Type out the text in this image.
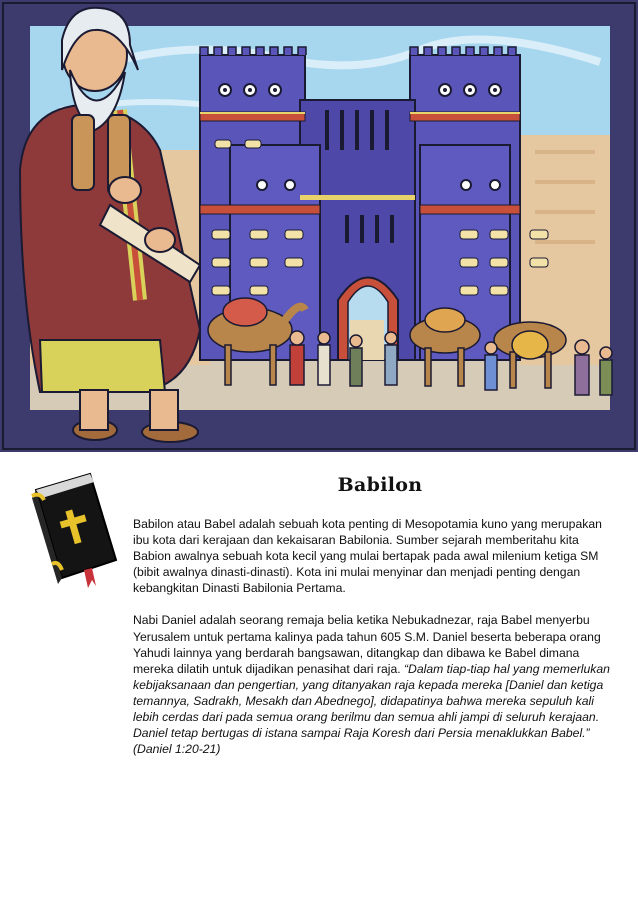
Babilon

Babilon atau Babel adalah sebuah kota penting di Mesopotamia kuno yang merupakan ibu kota dari kerajaan dan kekaisaran Babilonia. Sumber sejarah memberitahu kita Babion awalnya sebuah kota kecil yang mulai bertapak pada awal milenium ketiga SM (bibit awalnya dinasti-dinasti). Kota ini mulai menyinar dan menjadi penting dengan kebangkitan Dinasti Babilonia Pertama.

Nabi Daniel adalah seorang remaja belia ketika Nebukadnezar, raja Babel menyerbu Yerusalem untuk pertama kalinya pada tahun 605 S.M. Daniel beserta beberapa orang Yahudi lainnya yang berdarah bangsawan, ditangkap dan dibawa ke Babel dimana mereka dilatih untuk dijadikan penasihat dari raja. “Dalam tiap-tiap hal yang memerlukan kebijaksanaan dan pengertian, yang ditanyakan raja kepada mereka [Daniel dan ketiga temannya, Sadrakh, Mesakh dan Abednego], didapatinya bahwa mereka sepuluh kali lebih cerdas dari pada semua orang berilmu dan semua ahli jampi di seluruh kerajaan. Daniel tetap bertugas di istana sampai Raja Koresh dari Persia menaklukkan Babel.” (Daniel 1:20-21)
